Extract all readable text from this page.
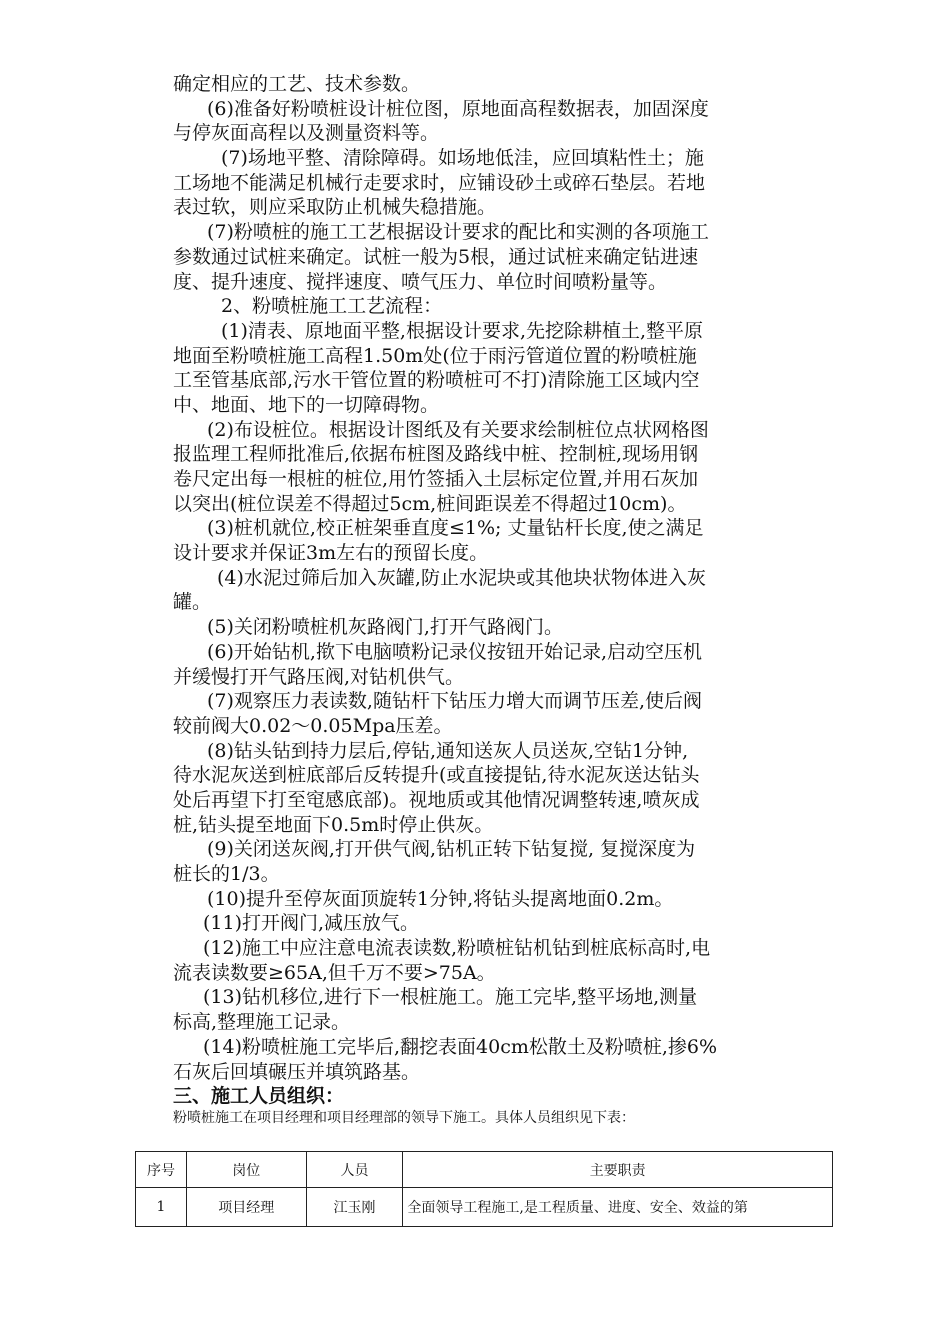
确定相应的工艺、技术参数。
(6)准备好粉喷桩设计桩位图，原地面高程数据表，加固深度
与停灰面高程以及测量资料等。
(7)场地平整、清除障碍。如场地低洼，应回填粘性土；施
工场地不能满足机械行走要求时，应铺设砂土或碎石垫层。若地
表过软，则应采取防止机械失稳措施。
(7)粉喷桩的施工工艺根据设计要求的配比和实测的各项施工
参数通过试桩来确定。试桩一般为5根，通过试桩来确定钻进速
度、提升速度、搅拌速度、喷气压力、单位时间喷粉量等。
2、粉喷桩施工工艺流程：
(1)清表、原地面平整,根据设计要求,先挖除耕植土,整平原
地面至粉喷桩施工高程1.50m处(位于雨污管道位置的粉喷桩施
工至管基底部,污水干管位置的粉喷桩可不打)清除施工区域内空
中、地面、地下的一切障碍物。
(2)布设桩位。根据设计图纸及有关要求绘制桩位点状网格图
报监理工程师批准后,依据布桩图及路线中桩、控制桩,现场用钢
卷尺定出每一根桩的桩位,用竹签插入土层标定位置,并用石灰加
以突出(桩位误差不得超过5cm,桩间距误差不得超过10cm)。
(3)桩机就位,校正桩架垂直度≤1%; 丈量钻杆长度,使之满足
设计要求并保证3m左右的预留长度。
(4)水泥过筛后加入灰罐,防止水泥块或其他块状物体进入灰
罐。
(5)关闭粉喷桩机灰路阀门,打开气路阀门。
(6)开始钻机,揿下电脑喷粉记录仪按钮开始记录,启动空压机
并缓慢打开气路压阀,对钻机供气。
(7)观察压力表读数,随钻杆下钻压力增大而调节压差,使后阀
较前阀大0.02～0.05Mpa压差。
(8)钻头钻到持力层后,停钻,通知送灰人员送灰,空钻1分钟,
待水泥灰送到桩底部后反转提升(或直接提钻,待水泥灰送达钻头
处后再望下打至窀感底部)。视地质或其他情况调整转速,喷灰成
桩,钻头提至地面下0.5m时停止供灰。
(9)关闭送灰阀,打开供气阀,钻机正转下钻复搅, 复搅深度为
桩长的1/3。
(10)提升至停灰面顶旋转1分钟,将钻头提离地面0.2m。
(11)打开阀门,减压放气。
(12)施工中应注意电流表读数,粉喷桩钻机钻到桩底标高时,电
流表读数要≥65A,但千万不要>75A。
(13)钻机移位,进行下一根桩施工。施工完毕,整平场地,测量
标高,整理施工记录。
(14)粉喷桩施工完毕后,翻挖表面40cm松散土及粉喷桩,掺6%
石灰后回填碾压并填筑路基。
三、施工人员组织：
粉喷桩施工在项目经理和项目经理部的领导下施工。具体人员组织见下表：
序号	岗位	人员	主要职责
1	项目经理	江玉刚	全面领导工程施工,是工程质量、进度、安全、效益的第
